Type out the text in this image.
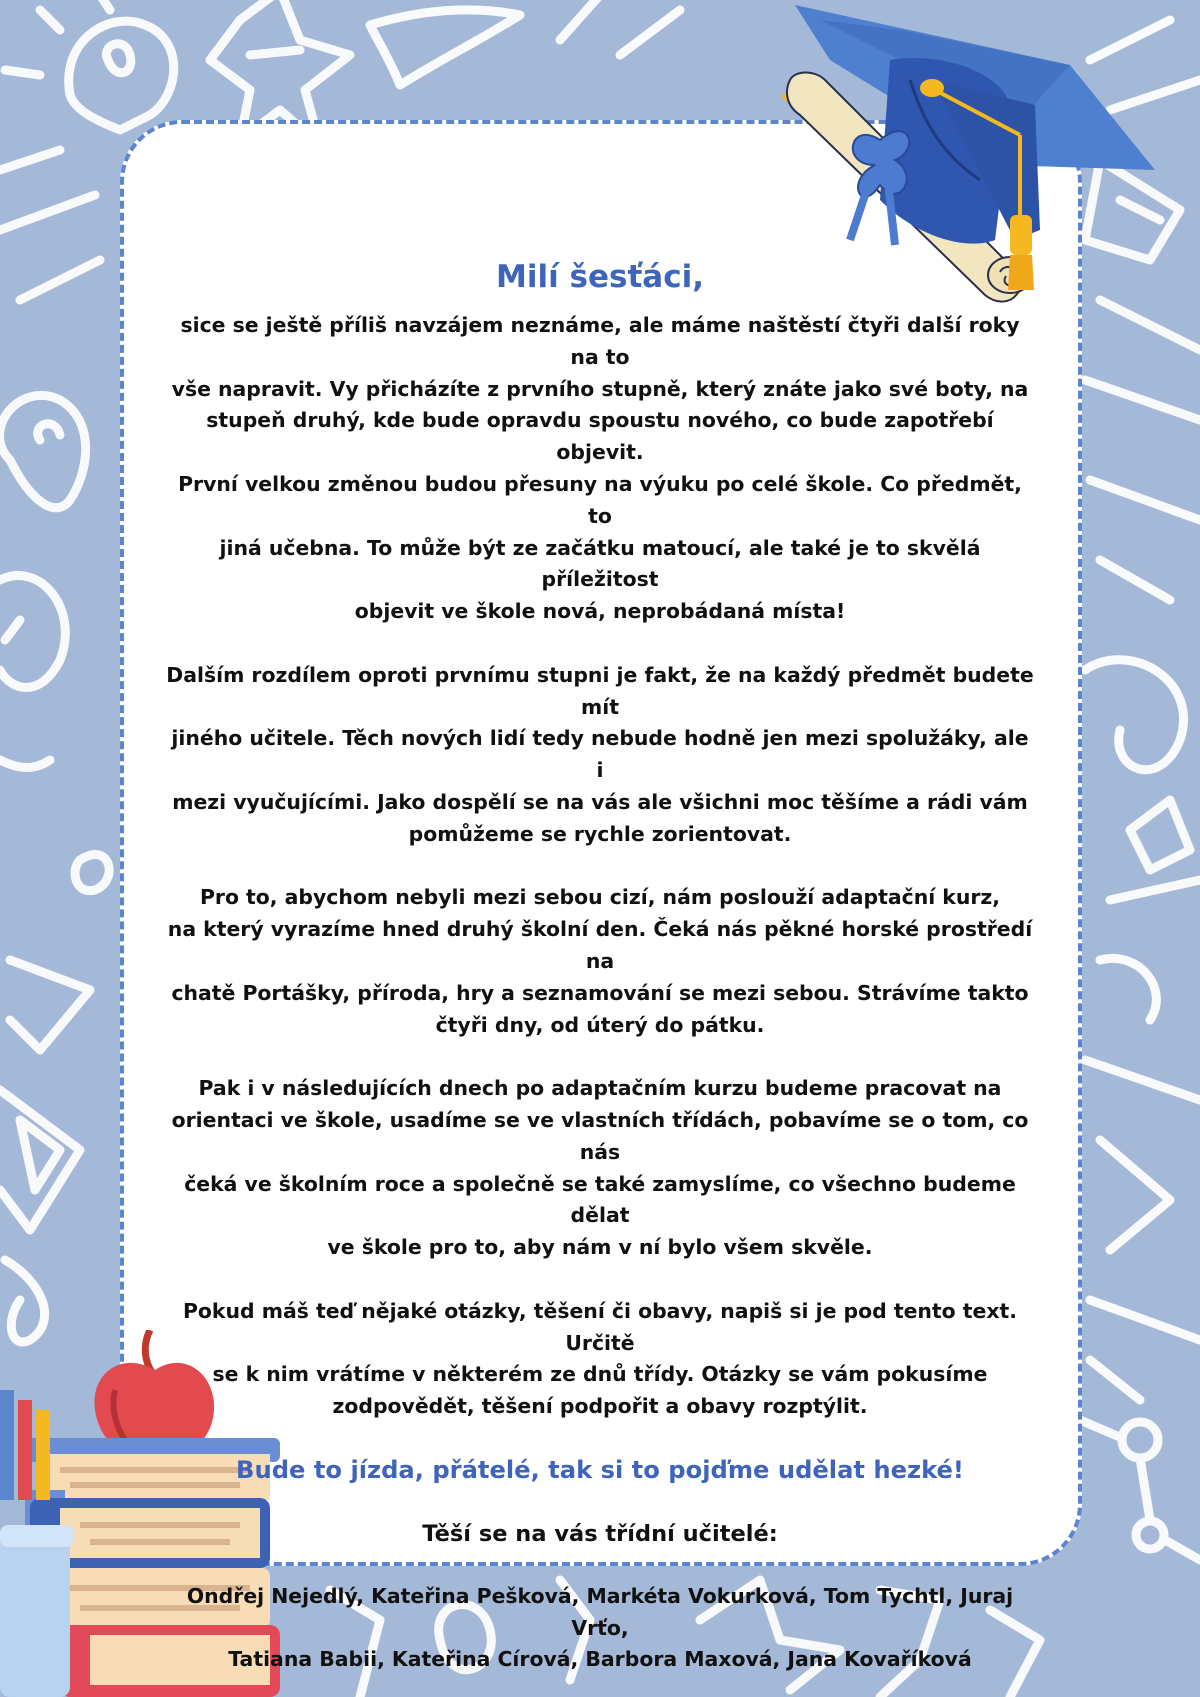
Milí šesťáci,
sice se ještě příliš navzájem neznáme, ale máme naštěstí čtyři další roky na to
vše napravit. Vy přicházíte z prvního stupně, který znáte jako své boty, na
stupeň druhý, kde bude opravdu spoustu nového, co bude zapotřebí objevit.
První velkou změnou budou přesuny na výuku po celé škole. Co předmět, to
jiná učebna. To může být ze začátku matoucí, ale také je to skvělá příležitost
objevit ve škole nová, neprobádaná místa!
Dalším rozdílem oproti prvnímu stupni je fakt, že na každý předmět budete mít
jiného učitele. Těch nových lidí tedy nebude hodně jen mezi spolužáky, ale i
mezi vyučujícími. Jako dospělí se na vás ale všichni moc těšíme a rádi vám
pomůžeme se rychle zorientovat.
Pro to, abychom nebyli mezi sebou cizí, nám poslouží adaptační kurz,
na který vyrazíme hned druhý školní den. Čeká nás pěkné horské prostředí na
chatě Portášky, příroda, hry a seznamování se mezi sebou. Strávíme takto
čtyři dny, od úterý do pátku.
Pak i v následujících dnech po adaptačním kurzu budeme pracovat na
orientaci ve škole, usadíme se ve vlastních třídách, pobavíme se o tom, co nás
čeká ve školním roce a společně se také zamyslíme, co všechno budeme dělat
ve škole pro to, aby nám v ní bylo všem skvěle.
Pokud máš teď nějaké otázky, těšení či obavy, napiš si je pod tento text. Určitě
se k nim vrátíme v některém ze dnů třídy. Otázky se vám pokusíme
zodpovědět, těšení podpořit a obavy rozptýlit.

Bude to jízda, přátelé, tak si to pojďme udělat hezké!

Těší se na vás třídní učitelé:

Ondřej Nejedlý, Kateřina Pešková, Markéta Vokurková, Tom Tychtl, Juraj Vrťo,
Tatiana Babii, Kateřina Círová, Barbora Maxová, Jana Kovaříková
